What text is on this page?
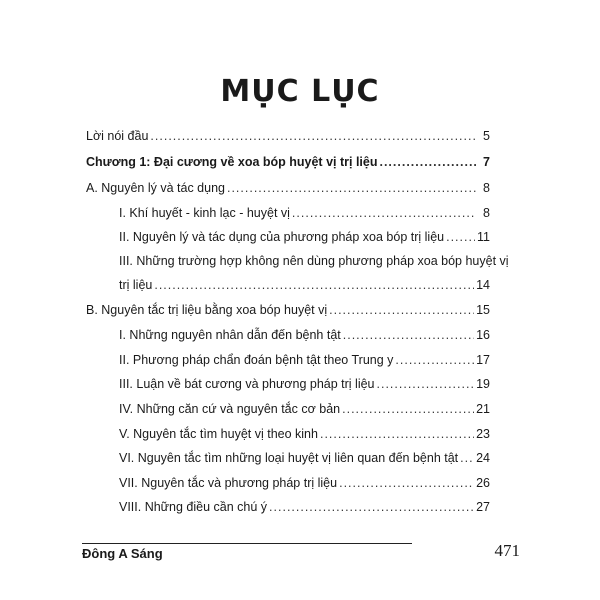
MỤC LỤC
Lời nói đầu .....	5
Chương 1: Đại cương về xoa bóp huyệt vị trị liệu .....	7
A. Nguyên lý và tác dụng .....	8
I. Khí huyết - kinh lạc - huyệt vị .....	8
II. Nguyên lý và tác dụng của phương pháp xoa bóp trị liệu .....	11
III. Những trường hợp không nên dùng phương pháp xoa bóp huyệt vị
trị liệu .....	14
B. Nguyên tắc trị liệu bằng xoa bóp huyệt vị .....	15
I. Những nguyên nhân dẫn đến bệnh tật .....	16
II. Phương pháp chẩn đoán bệnh tật theo Trung y .....	17
III. Luận về bát cương và phương pháp trị liệu .....	19
IV. Những căn cứ và nguyên tắc cơ bản .....	21
V. Nguyên tắc tìm huyệt vị theo kinh .....	23
VI. Nguyên tắc tìm những loại huyệt vị liên quan đến bệnh tật ..... 24
VII. Nguyên tắc và phương pháp trị liệu .....	26
VIII. Những điều cần chú ý .....	27
Đông A Sáng	471
